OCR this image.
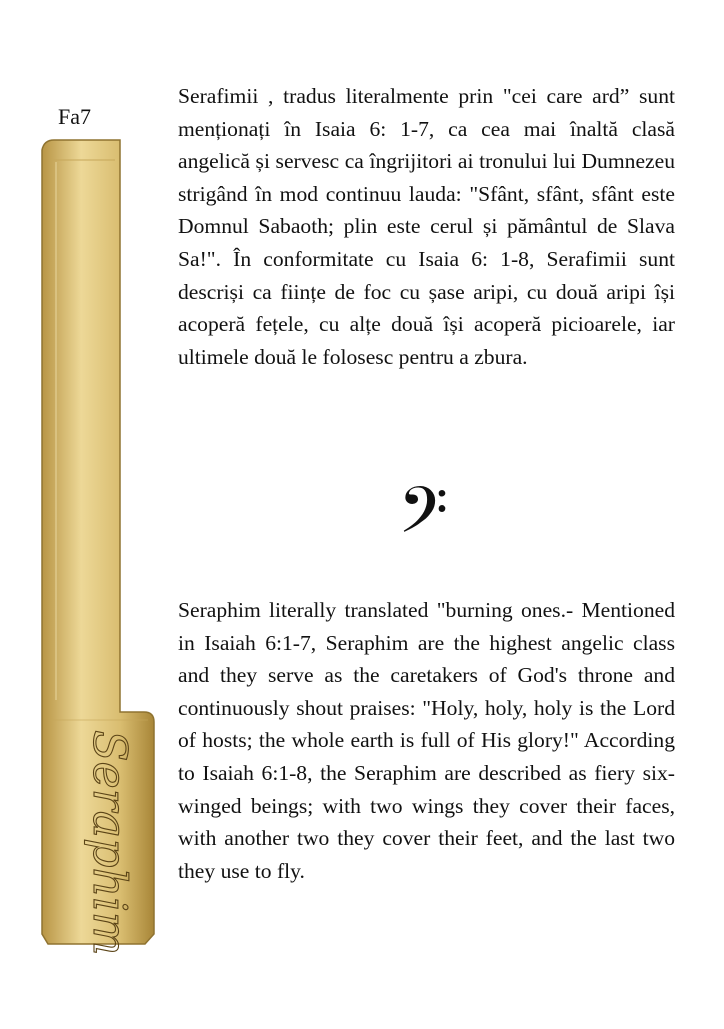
Fa7
Seraphim

Serafimii , tradus literalmente prin "cei care ard” sunt menționați în Isaia 6: 1-7, ca cea mai înaltă clasă angelică și servesc ca îngrijitori ai tronului lui Dumnezeu strigând în mod continuu lauda: "Sfânt, sfânt, sfânt este Domnul Sabaoth; plin este cerul și pământul de Slava Sa!". În conformitate cu Isaia 6: 1-8, Serafimii sunt descriși ca ființe de foc cu șase aripi, cu două aripi își acoperă fețele, cu alțe două își acoperă picioarele, iar ultimele două le folosesc pentru a zbura.

𝄢

Seraphim literally translated "burning ones.- Mentioned in Isaiah 6:1-7, Seraphim are the highest angelic class and they serve as the caretakers of God's throne and continuously shout praises: "Holy, holy, holy is the Lord of hosts; the whole earth is full of His glory!" According to Isaiah 6:1-8, the Seraphim are described as fiery six-winged beings; with two wings they cover their faces, with another two they cover their feet, and the last two they use to fly.
